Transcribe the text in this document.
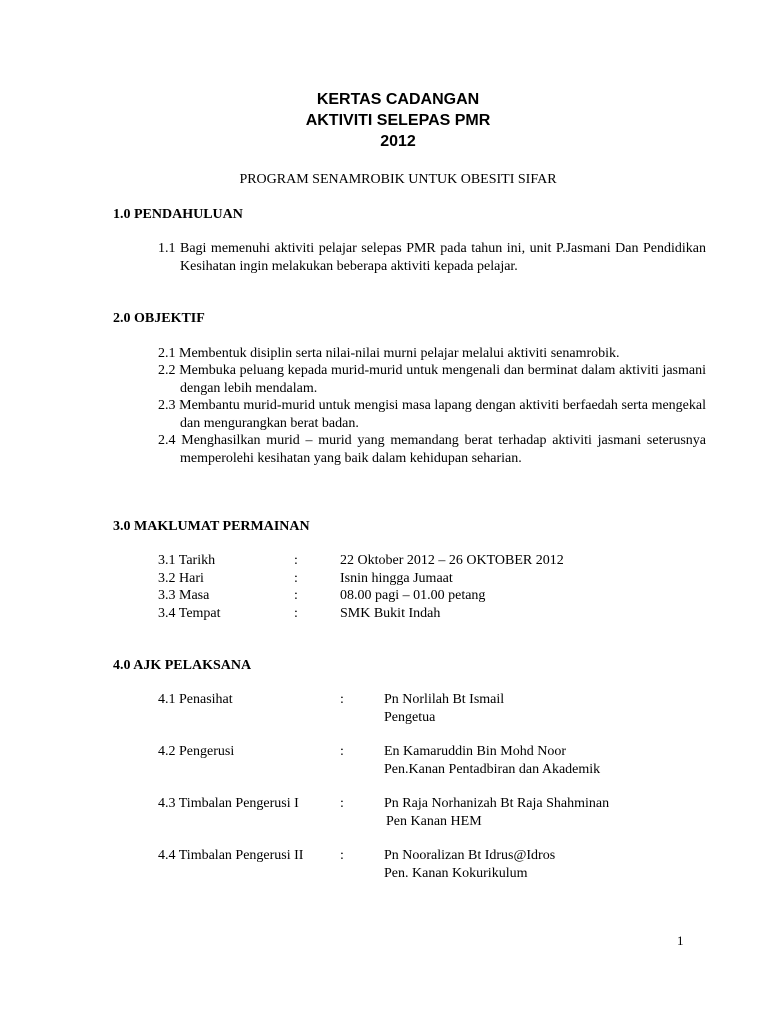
KERTAS CADANGAN
AKTIVITI SELEPAS PMR
2012
PROGRAM SENAMROBIK UNTUK OBESITI SIFAR
1.0 PENDAHULUAN
1.1 Bagi memenuhi aktiviti pelajar selepas PMR pada tahun ini, unit P.Jasmani Dan Pendidikan Kesihatan ingin melakukan beberapa aktiviti kepada pelajar.
2.0 OBJEKTIF
2.1 Membentuk disiplin serta nilai-nilai murni pelajar melalui aktiviti senamrobik.
2.2 Membuka peluang kepada murid-murid untuk mengenali dan berminat dalam aktiviti jasmani dengan lebih mendalam.
2.3 Membantu murid-murid untuk mengisi masa lapang dengan aktiviti berfaedah serta mengekal dan mengurangkan berat badan.
2.4 Menghasilkan murid – murid yang memandang berat terhadap aktiviti jasmani seterusnya memperolehi kesihatan yang baik dalam kehidupan seharian.
3.0 MAKLUMAT PERMAINAN
3.1 Tarikh	:	22 Oktober 2012 – 26 OKTOBER 2012
3.2 Hari	:	Isnin hingga Jumaat
3.3 Masa	:	08.00 pagi – 01.00 petang
3.4 Tempat	:	SMK Bukit Indah
4.0 AJK PELAKSANA
4.1 Penasihat	:	Pn Norlilah Bt Ismail
Pengetua
4.2 Pengerusi	:	En Kamaruddin Bin Mohd Noor
Pen.Kanan Pentadbiran dan Akademik
4.3 Timbalan Pengerusi I	:	Pn Raja Norhanizah Bt Raja Shahminan
Pen Kanan HEM
4.4 Timbalan Pengerusi II	:	Pn Nooralizan Bt Idrus@Idros
Pen. Kanan Kokurikulum
1
